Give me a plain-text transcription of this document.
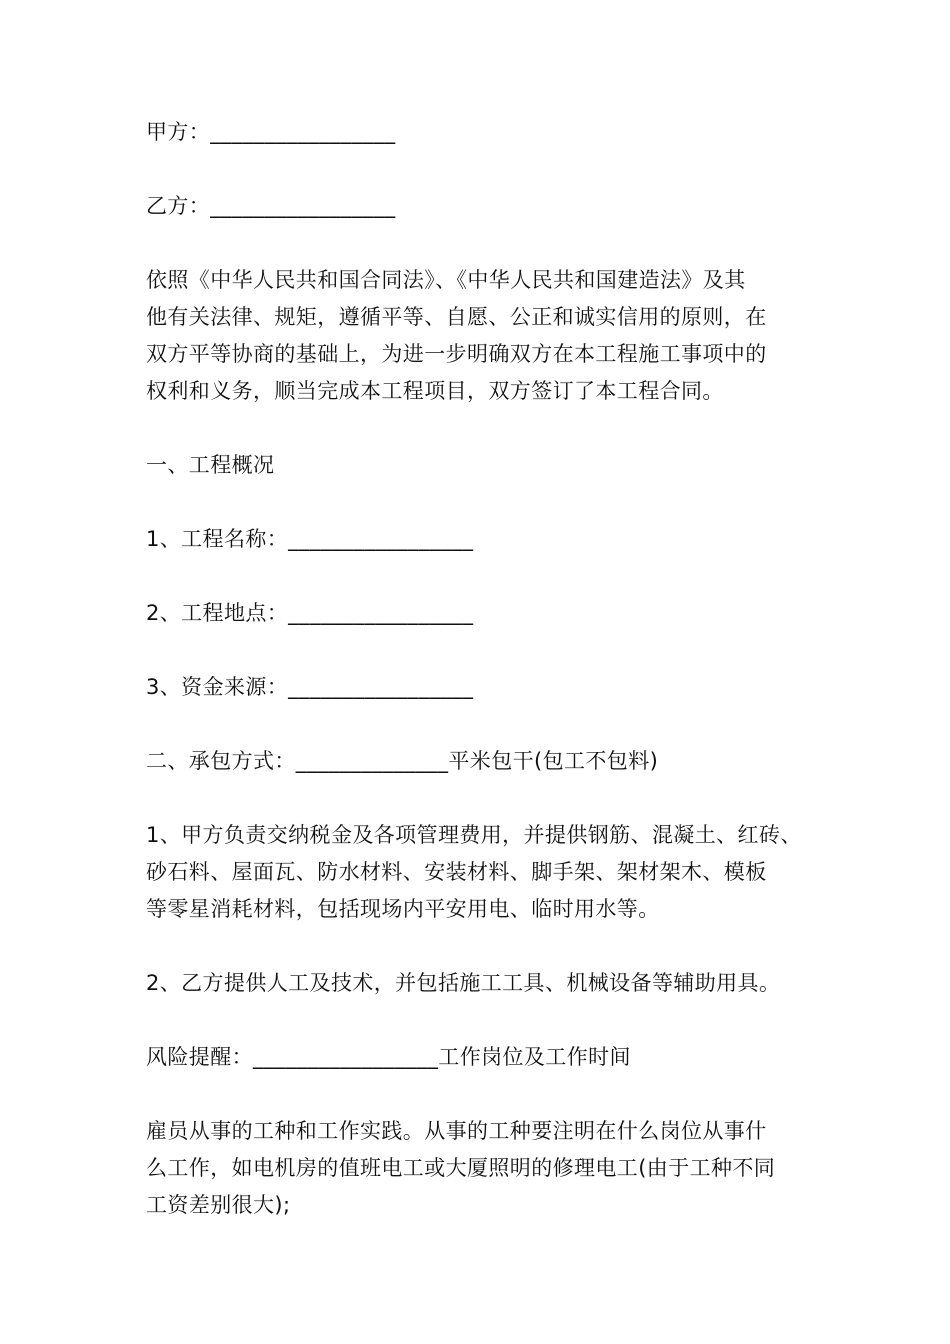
甲方：_________________

乙方：_________________

依照《中华人民共和国合同法》、《中华人民共和国建造法》及其

他有关法律、规矩，遵循平等、自愿、公正和诚实信用的原则，在

双方平等协商的基础上，为进一步明确双方在本工程施工事项中的

权利和义务，顺当完成本工程项目，双方签订了本工程合同。

一、工程概况

1、工程名称：_________________

2、工程地点：_________________

3、资金来源：_________________

二、承包方式：______________平米包干(包工不包料)

1、甲方负责交纳税金及各项管理费用，并提供钢筋、混凝土、红砖、

砂石料、屋面瓦、防水材料、安装材料、脚手架、架材架木、模板

等零星消耗材料，包括现场内平安用电、临时用水等。

2、乙方提供人工及技术，并包括施工工具、机械设备等辅助用具。

风险提醒：_________________工作岗位及工作时间

雇员从事的工种和工作实践。从事的工种要注明在什么岗位从事什

么工作，如电机房的值班电工或大厦照明的修理电工(由于工种不同

工资差别很大);
